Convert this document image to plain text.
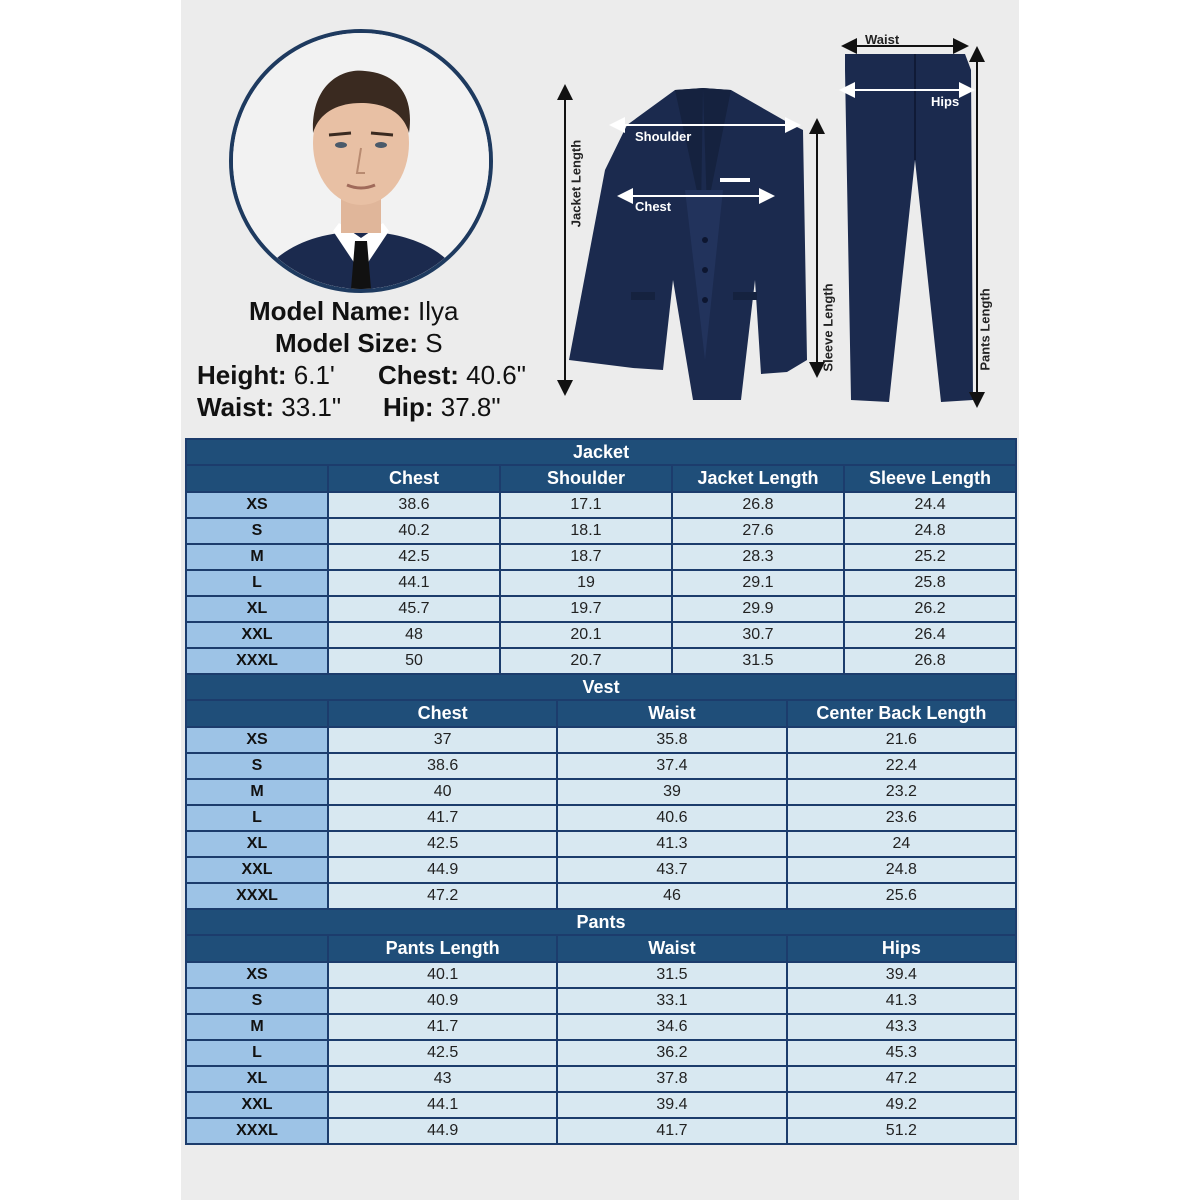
Model Name: Ilya
Model Size: S
Height: 6.1' Chest: 40.6"
Waist: 33.1" Hip: 37.8"
Shoulder
Chest
Waist
Hips
Jacket Length
Sleeve Length	Pants Length
Jacket						
	Chest	Shoulder		Jacket Length		Sleeve Length
XS	38.6	17.1		26.8		24.4
S	40.2	18.1		27.6		24.8
M	42.5	18.7		28.3		25.2
L	44.1	19		29.1		25.8
XL	45.7	19.7		29.9		26.2
XXL	48	20.1		30.7		26.4
XXXL	50	20.7		31.5		26.8
Vest						
	Chest		Waist		Center Back Length	
XS	37		35.8		21.6	
S	38.6		37.4		22.4	
M	40		39		23.2	
L	41.7		40.6		23.6	
XL	42.5		41.3		24	
XXL	44.9		43.7		24.8	
XXXL	47.2		46		25.6	
Pants						
	Pants Length		Waist		Hips	
XS	40.1		31.5		39.4	
S	40.9		33.1		41.3	
M	41.7		34.6		43.3	
L	42.5		36.2		45.3	
XL	43		37.8		47.2	
XXL	44.1		39.4		49.2	
XXXL	44.9		41.7		51.2	
